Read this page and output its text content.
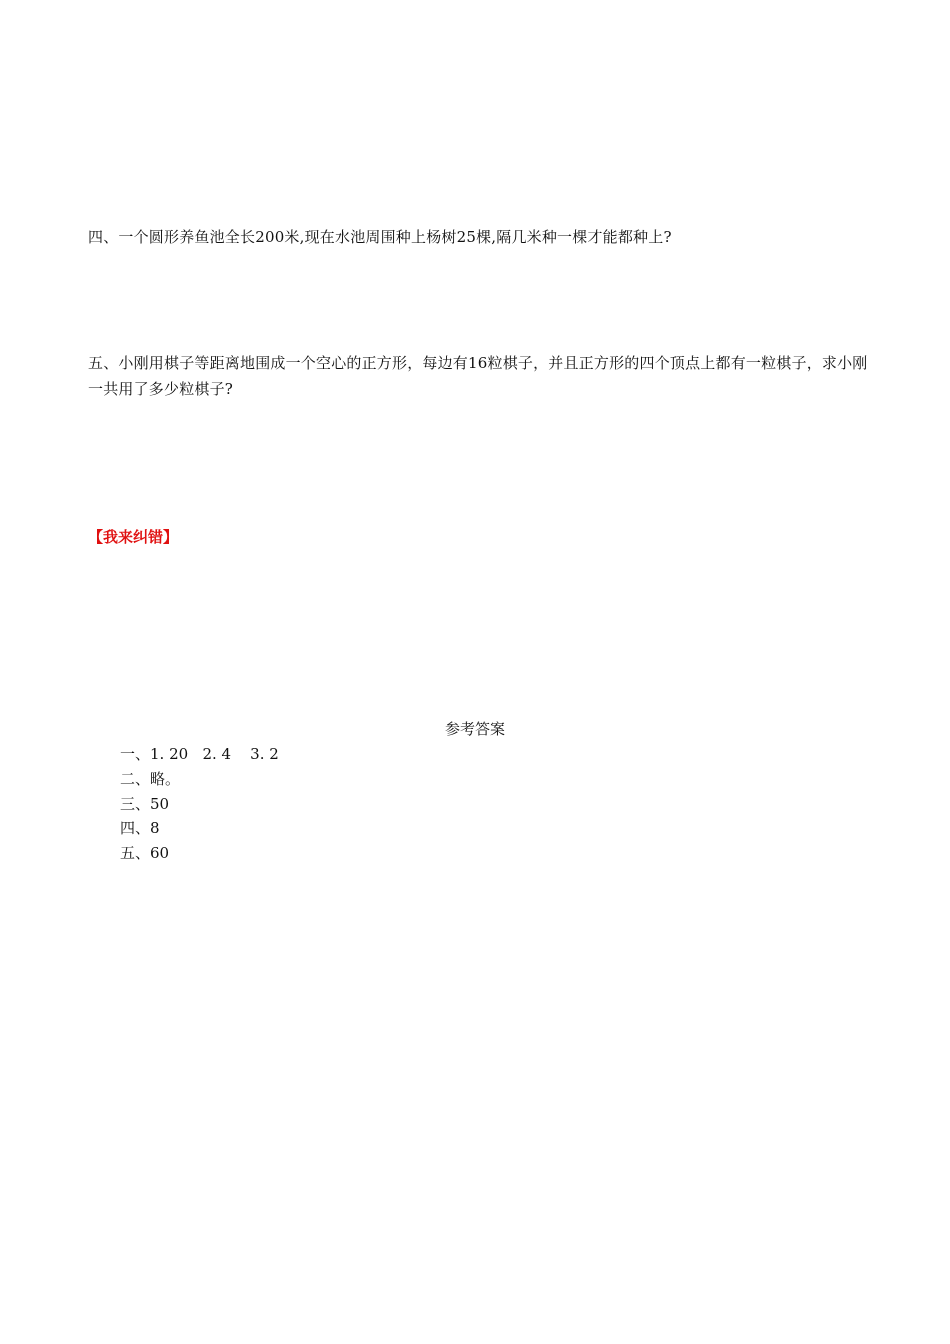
四、一个圆形养鱼池全长200米,现在水池周围种上杨树25棵,隔几米种一棵才能都种上?

五、小刚用棋子等距离地围成一个空心的正方形，每边有16粒棋子，并且正方形的四个顶点上都有一粒棋子，求小刚一共用了多少粒棋子?

【我来纠错】
参考答案
一、1. 20   2. 4    3. 2
二、略。
三、50
四、8
五、60
